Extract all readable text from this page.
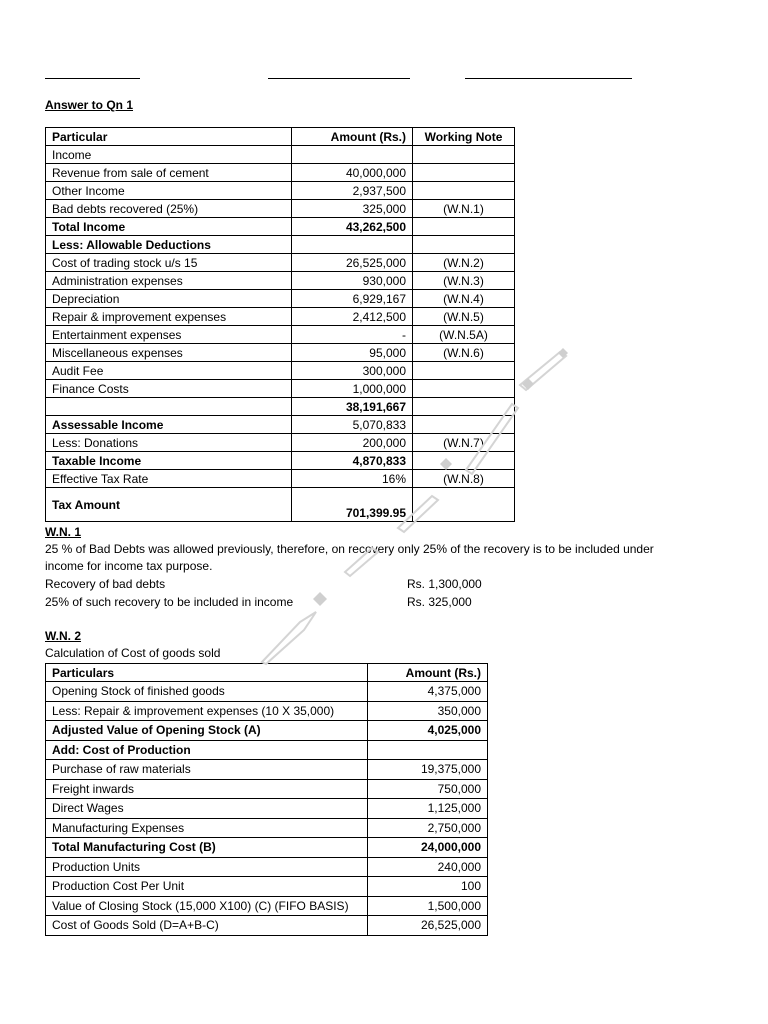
Answer to Qn 1
Particular	Amount (Rs.)	Working Note
Income		
Revenue from sale of cement	40,000,000	
Other Income	2,937,500	
Bad debts recovered (25%)	325,000	(W.N.1)
Total Income	43,262,500	
Less: Allowable Deductions		
Cost of trading stock u/s 15	26,525,000	(W.N.2)
Administration expenses	930,000	(W.N.3)
Depreciation	6,929,167	(W.N.4)
Repair & improvement expenses	2,412,500	(W.N.5)
Entertainment expenses	-	(W.N.5A)
Miscellaneous expenses	95,000	(W.N.6)
Audit Fee	300,000	
Finance Costs	1,000,000	
	38,191,667	
Assessable Income	5,070,833	
Less: Donations	200,000	(W.N.7)
Taxable Income	4,870,833	
Effective Tax Rate	16%	(W.N.8)
Tax Amount	701,399.95	
W.N. 1
25 % of Bad Debts was allowed previously, therefore, on recovery only 25% of the recovery is to be included under
income for income tax purpose.
Recovery of bad debts	Rs. 1,300,000
25% of such recovery to be included in income	Rs. 325,000
W.N. 2
Calculation of Cost of goods sold
Particulars	Amount (Rs.)
Opening Stock of finished goods	4,375,000
Less: Repair & improvement expenses (10 X 35,000)	350,000
Adjusted Value of Opening Stock (A)	4,025,000
Add: Cost of Production	
Purchase of raw materials	19,375,000
Freight inwards	750,000
Direct Wages	1,125,000
Manufacturing Expenses	2,750,000
Total Manufacturing Cost (B)	24,000,000
Production Units	240,000
Production Cost Per Unit	100
Value of Closing Stock (15,000 X100) (C) (FIFO BASIS)	1,500,000
Cost of Goods Sold (D=A+B-C)	26,525,000
